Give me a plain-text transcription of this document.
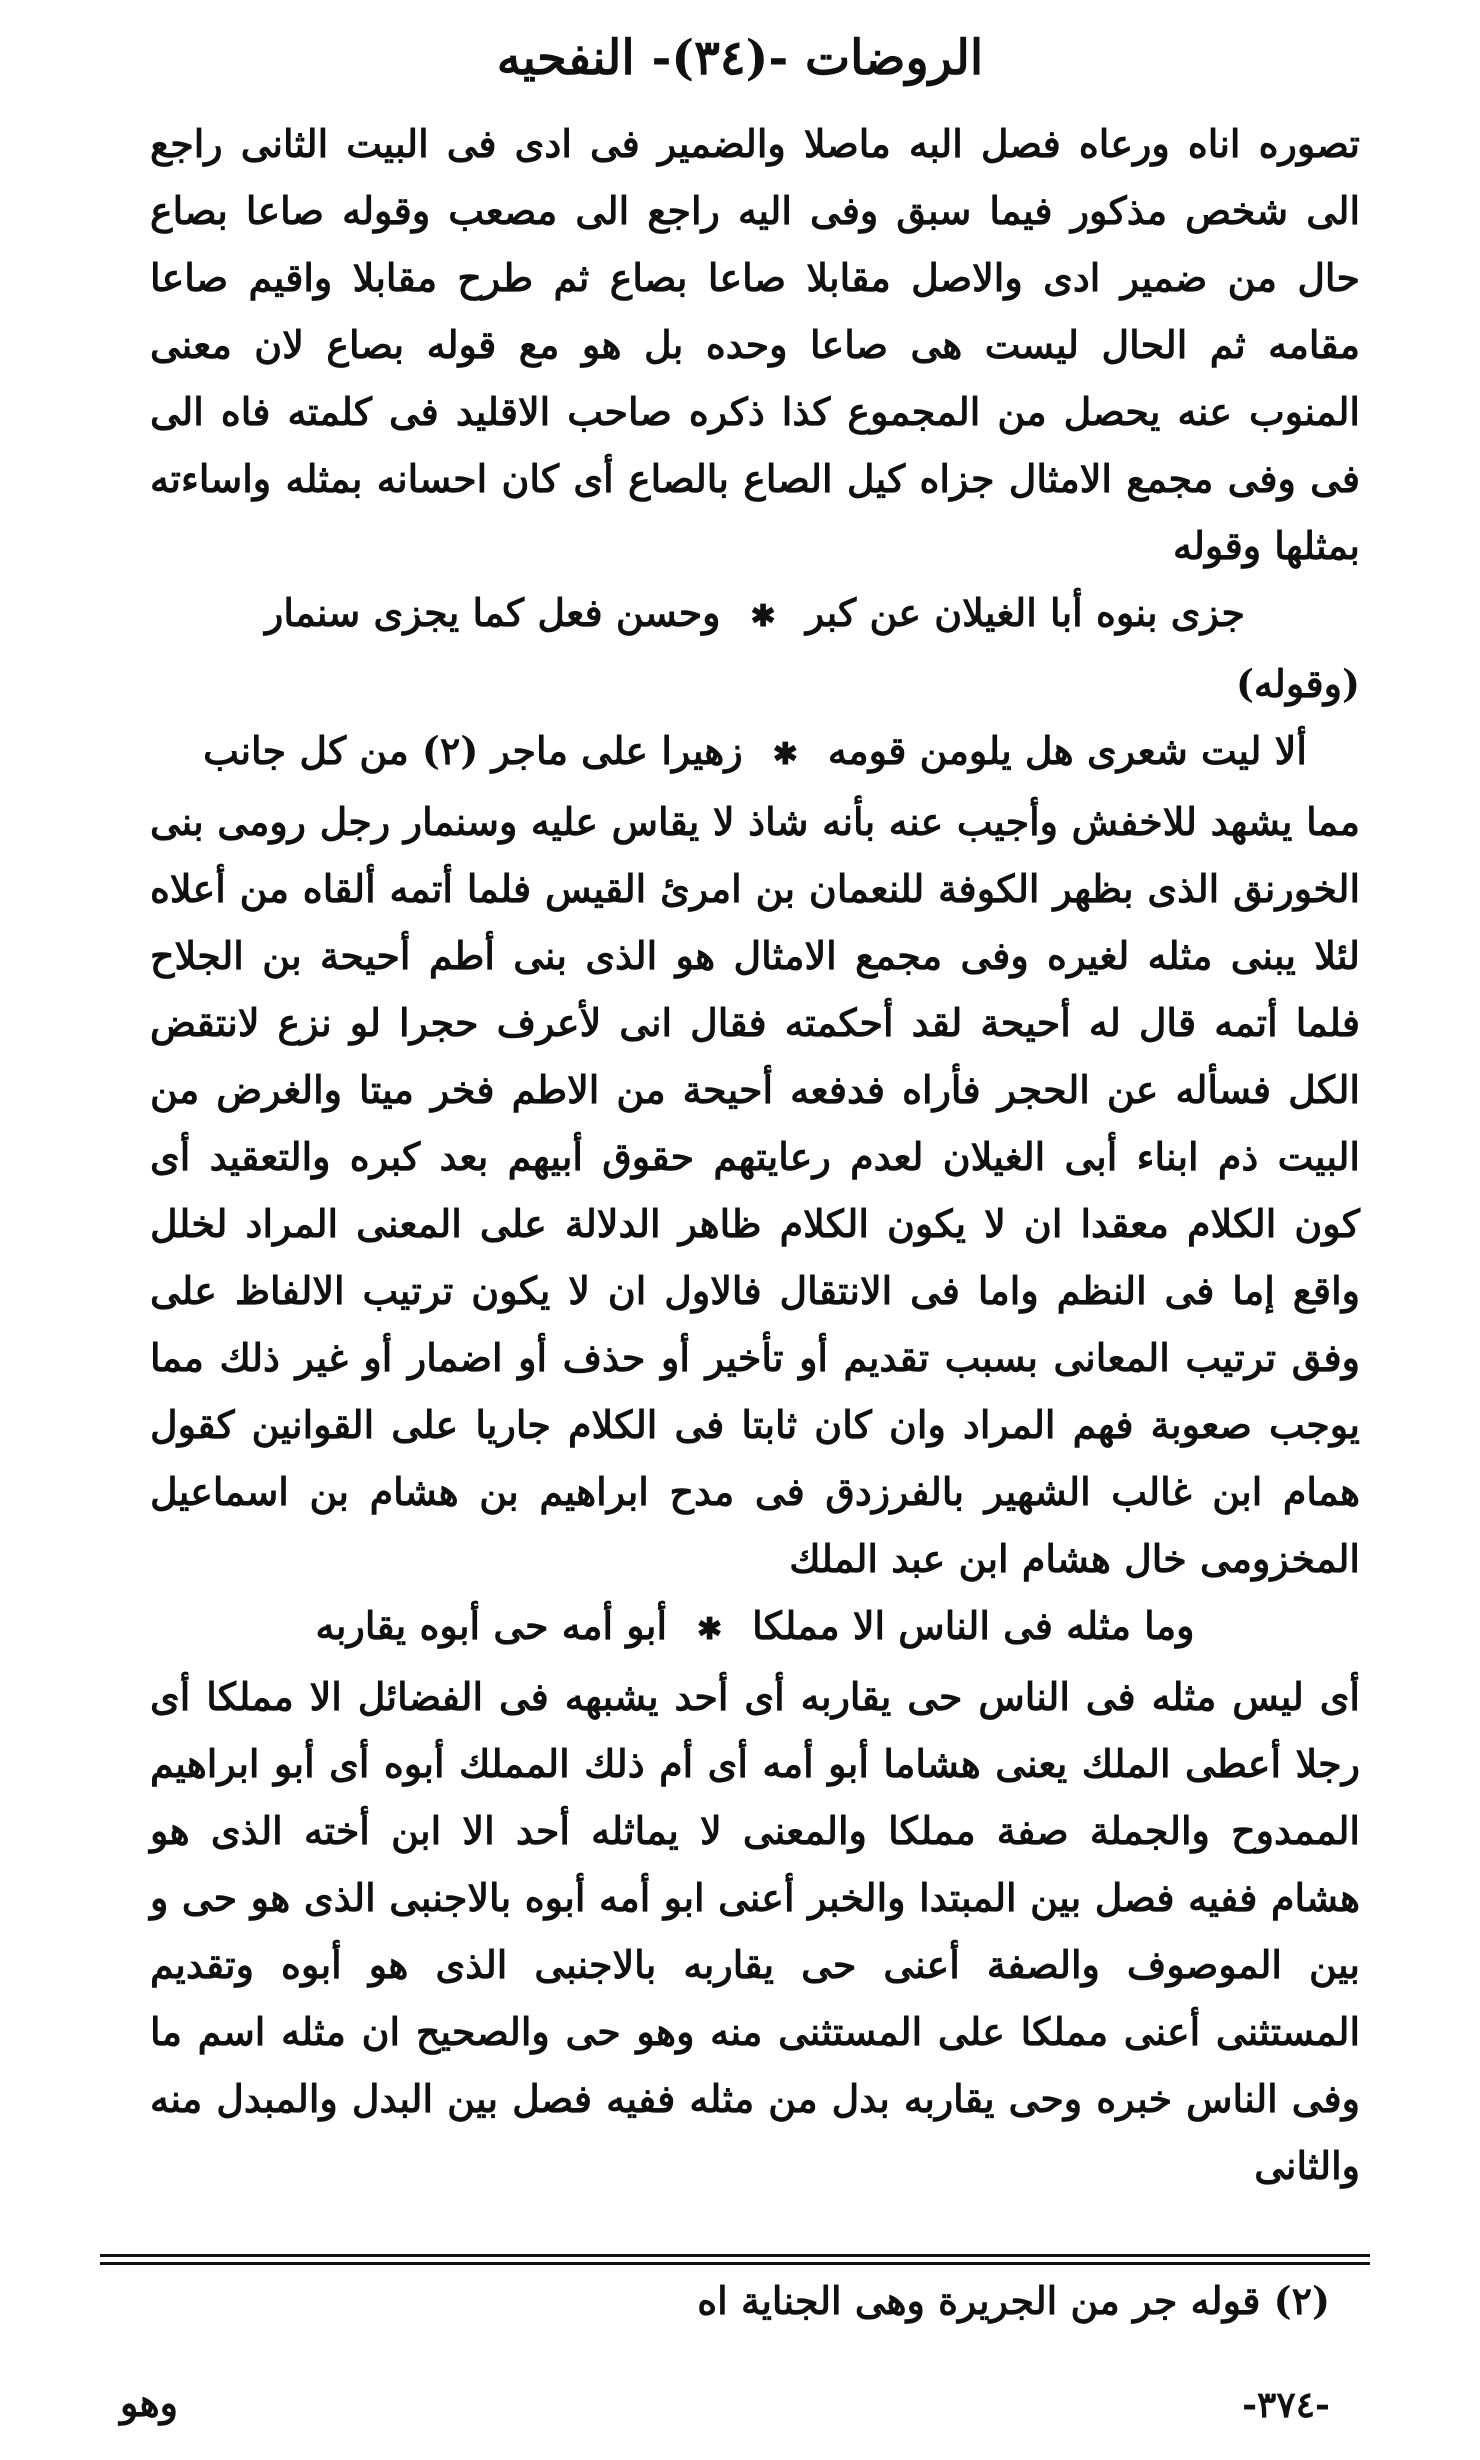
الروضات -(٣٤)- النفحيه

تصوره اناه ورعاه فصل البه ماصلا والضمير فى ادى فى البيت الثانى راجع الى شخص مذكور فيما سبق وفى اليه راجع الى مصعب وقوله صاعا بصاع حال من ضمير ادى والاصل مقابلا صاعا بصاع ثم طرح مقابلا واقيم صاعا مقامه ثم الحال ليست هى صاعا وحده بل هو مع قوله بصاع لان معنى المنوب عنه يحصل من المجموع كذا ذكره صاحب الاقليد فى كلمته فاه الى فى وفى مجمع الامثال جزاه كيل الصاع بالصاع أى كان احسانه بمثله واساءته بمثلها وقوله

جزى بنوه أبا الغيلان عن كبر
✱
وحسن فعل كما يجزى سنمار

(وقوله)

ألا ليت شعرى هل يلومن قومه
✱
زهيرا على ماجر (٢) من كل جانب

مما يشهد للاخفش وأجيب عنه بأنه شاذ لا يقاس عليه وسنمار رجل رومى بنى الخورنق الذى بظهر الكوفة للنعمان بن امرئ القيس فلما أتمه ألقاه من أعلاه لئلا يبنى مثله لغيره وفى مجمع الامثال هو الذى بنى أطم أحيحة بن الجلاح فلما أتمه قال له أحيحة لقد أحكمته فقال انى لأعرف حجرا لو نزع لانتقض الكل فسأله عن الحجر فأراه فدفعه أحيحة من الاطم فخر ميتا والغرض من البيت ذم ابناء أبى الغيلان لعدم رعايتهم حقوق أبيهم بعد كبره والتعقيد أى كون الكلام معقدا ان لا يكون الكلام ظاهر الدلالة على المعنى المراد لخلل واقع إما فى النظم واما فى الانتقال فالاول ان لا يكون ترتيب الالفاظ على وفق ترتيب المعانى بسبب تقديم أو تأخير أو حذف أو اضمار أو غير ذلك مما يوجب صعوبة فهم المراد وان كان ثابتا فى الكلام جاريا على القوانين كقول همام ابن غالب الشهير بالفرزدق فى مدح ابراهيم بن هشام بن اسماعيل المخزومى خال هشام ابن عبد الملك

وما مثله فى الناس الا مملكا
✱
أبو أمه حى أبوه يقاربه

أى ليس مثله فى الناس حى يقاربه أى أحد يشبهه فى الفضائل الا مملكا أى رجلا أعطى الملك يعنى هشاما أبو أمه أى أم ذلك المملك أبوه أى أبو ابراهيم الممدوح والجملة صفة مملكا والمعنى لا يماثله أحد الا ابن أخته الذى هو هشام ففيه فصل بين المبتدا والخبر أعنى ابو أمه أبوه بالاجنبى الذى هو حى و بين الموصوف والصفة أعنى حى يقاربه بالاجنبى الذى هو أبوه وتقديم المستثنى أعنى مملكا على المستثنى منه وهو حى والصحيح ان مثله اسم ما وفى الناس خبره وحى يقاربه بدل من مثله ففيه فصل بين البدل والمبدل منه والثانى

(٢) قوله جر من الجريرة وهى الجناية اه
-٣٧٤-
وهو
